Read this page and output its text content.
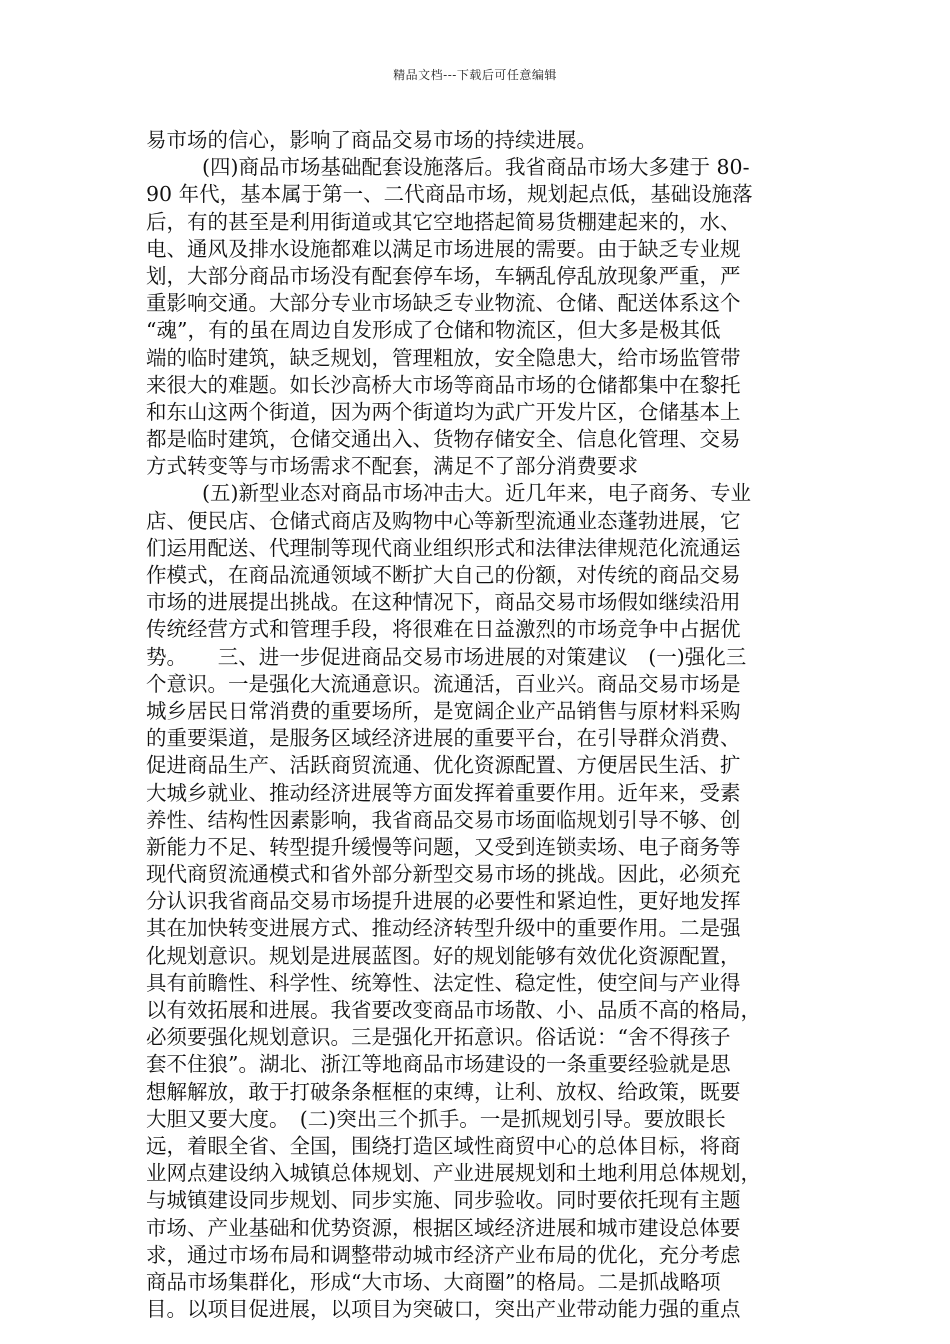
精品文档---下载后可任意编辑
易市场的信心，影响了商品交易市场的持续进展。
(四)商品市场基础配套设施落后。我省商品市场大多建于 80-
90 年代，基本属于第一、二代商品市场，规划起点低，基础设施落
后，有的甚至是利用街道或其它空地搭起简易货棚建起来的，水、
电、通风及排水设施都难以满足市场进展的需要。由于缺乏专业规
划，大部分商品市场没有配套停车场，车辆乱停乱放现象严重，严
重影响交通。大部分专业市场缺乏专业物流、仓储、配送体系这个
“魂”，有的虽在周边自发形成了仓储和物流区，但大多是极其低
端的临时建筑，缺乏规划，管理粗放，安全隐患大，给市场监管带
来很大的难题。如长沙高桥大市场等商品市场的仓储都集中在黎托
和东山这两个街道，因为两个街道均为武广开发片区，仓储基本上
都是临时建筑，仓储交通出入、货物存储安全、信息化管理、交易
方式转变等与市场需求不配套，满足不了部分消费要求
(五)新型业态对商品市场冲击大。近几年来，电子商务、专业
店、便民店、仓储式商店及购物中心等新型流通业态蓬勃进展，它
们运用配送、代理制等现代商业组织形式和法律法律规范化流通运
作模式，在商品流通领域不断扩大自己的份额，对传统的商品交易
市场的进展提出挑战。在这种情况下，商品交易市场假如继续沿用
传统经营方式和管理手段，将很难在日益激烈的市场竞争中占据优
势。　　三、进一步促进商品交易市场进展的对策建议　(一)强化三
个意识。一是强化大流通意识。流通活，百业兴。商品交易市场是
城乡居民日常消费的重要场所，是宽阔企业产品销售与原材料采购
的重要渠道，是服务区域经济进展的重要平台，在引导群众消费、
促进商品生产、活跃商贸流通、优化资源配置、方便居民生活、扩
大城乡就业、推动经济进展等方面发挥着重要作用。近年来，受素
养性、结构性因素影响，我省商品交易市场面临规划引导不够、创
新能力不足、转型提升缓慢等问题，又受到连锁卖场、电子商务等
现代商贸流通模式和省外部分新型交易市场的挑战。因此，必须充
分认识我省商品交易市场提升进展的必要性和紧迫性，更好地发挥
其在加快转变进展方式、推动经济转型升级中的重要作用。二是强
化规划意识。规划是进展蓝图。好的规划能够有效优化资源配置，
具有前瞻性、科学性、统筹性、法定性、稳定性，使空间与产业得
以有效拓展和进展。我省要改变商品市场散、小、品质不高的格局，
必须要强化规划意识。三是强化开拓意识。俗话说：“舍不得孩子
套不住狼”。湖北、浙江等地商品市场建设的一条重要经验就是思
想解解放，敢于打破条条框框的束缚，让利、放权、给政策，既要
大胆又要大度。　(二)突出三个抓手。一是抓规划引导。要放眼长
远，着眼全省、全国，围绕打造区域性商贸中心的总体目标，将商
业网点建设纳入城镇总体规划、产业进展规划和土地利用总体规划，
与城镇建设同步规划、同步实施、同步验收。同时要依托现有主题
市场、产业基础和优势资源，根据区域经济进展和城市建设总体要
求，通过市场布局和调整带动城市经济产业布局的优化，充分考虑
商品市场集群化，形成“大市场、大商圈”的格局。二是抓战略项
目。以项目促进展，以项目为突破口，突出产业带动能力强的重点
